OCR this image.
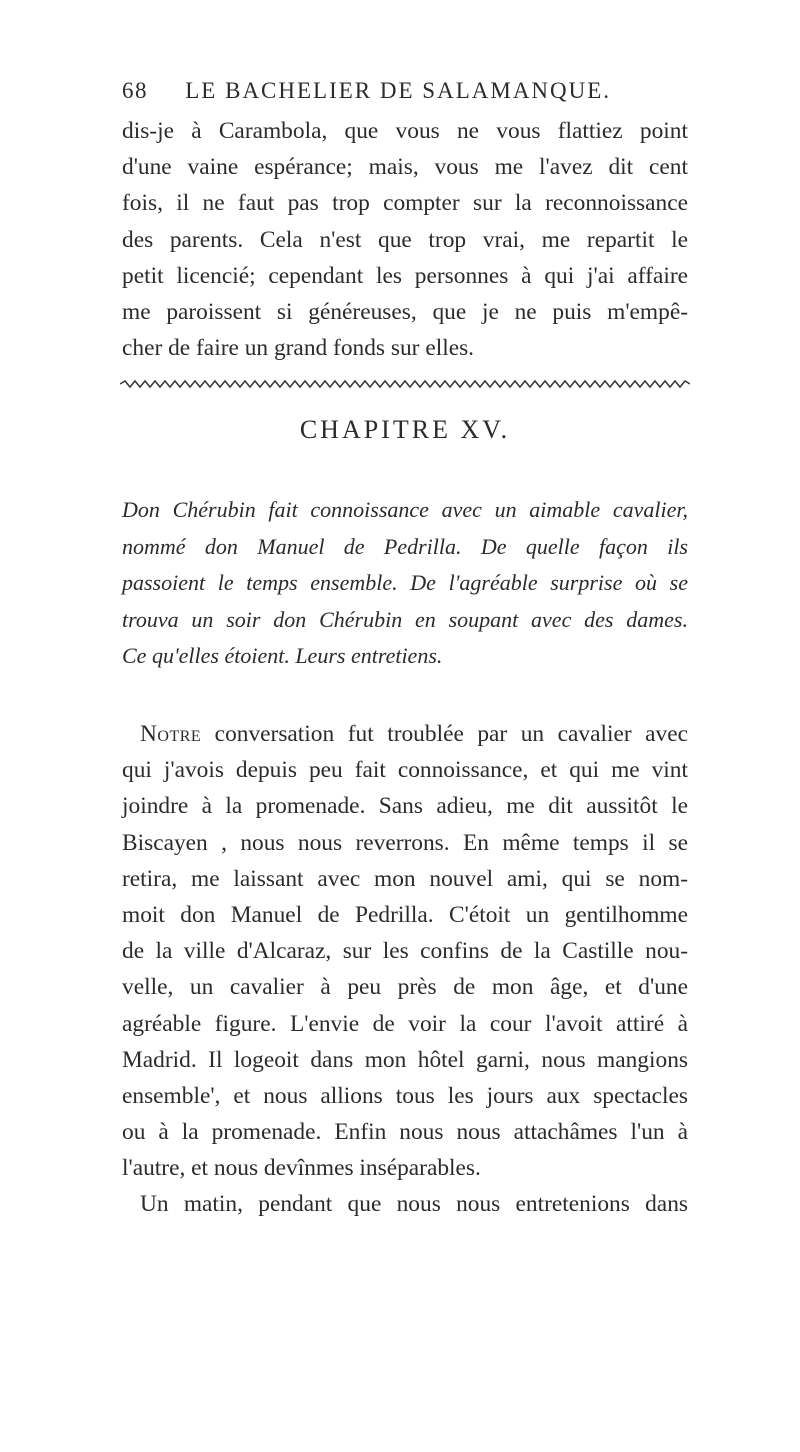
68 LE BACHELIER DE SALAMANQUE.
dis-je à Carambola, que vous ne vous flattiez point
d'une vaine espérance; mais, vous me l'avez dit cent
fois, il ne faut pas trop compter sur la reconnoissance
des parents. Cela n'est que trop vrai, me repartit le
petit licencié; cependant les personnes à qui j'ai affaire
me paroissent si généreuses, que je ne puis m'empê-
cher de faire un grand fonds sur elles.
CHAPITRE XV.
Don Chérubin fait connoissance avec un aimable cavalier,
nommé don Manuel de Pedrilla. De quelle façon ils
passoient le temps ensemble. De l'agréable surprise où se
trouva un soir don Chérubin en soupant avec des dames.
Ce qu'elles étoient. Leurs entretiens.
Notre conversation fut troublée par un cavalier avec
qui j'avois depuis peu fait connoissance, et qui me vint
joindre à la promenade. Sans adieu, me dit aussitôt le
Biscayen , nous nous reverrons. En même temps il se
retira, me laissant avec mon nouvel ami, qui se nom-
moit don Manuel de Pedrilla. C'étoit un gentilhomme
de la ville d'Alcaraz, sur les confins de la Castille nou-
velle, un cavalier à peu près de mon âge, et d'une
agréable figure. L'envie de voir la cour l'avoit attiré à
Madrid. Il logeoit dans mon hôtel garni, nous mangions
ensemble', et nous allions tous les jours aux spectacles
ou à la promenade. Enfin nous nous attachâmes l'un à
l'autre, et nous devînmes inséparables.
Un matin, pendant que nous nous entretenions dans
